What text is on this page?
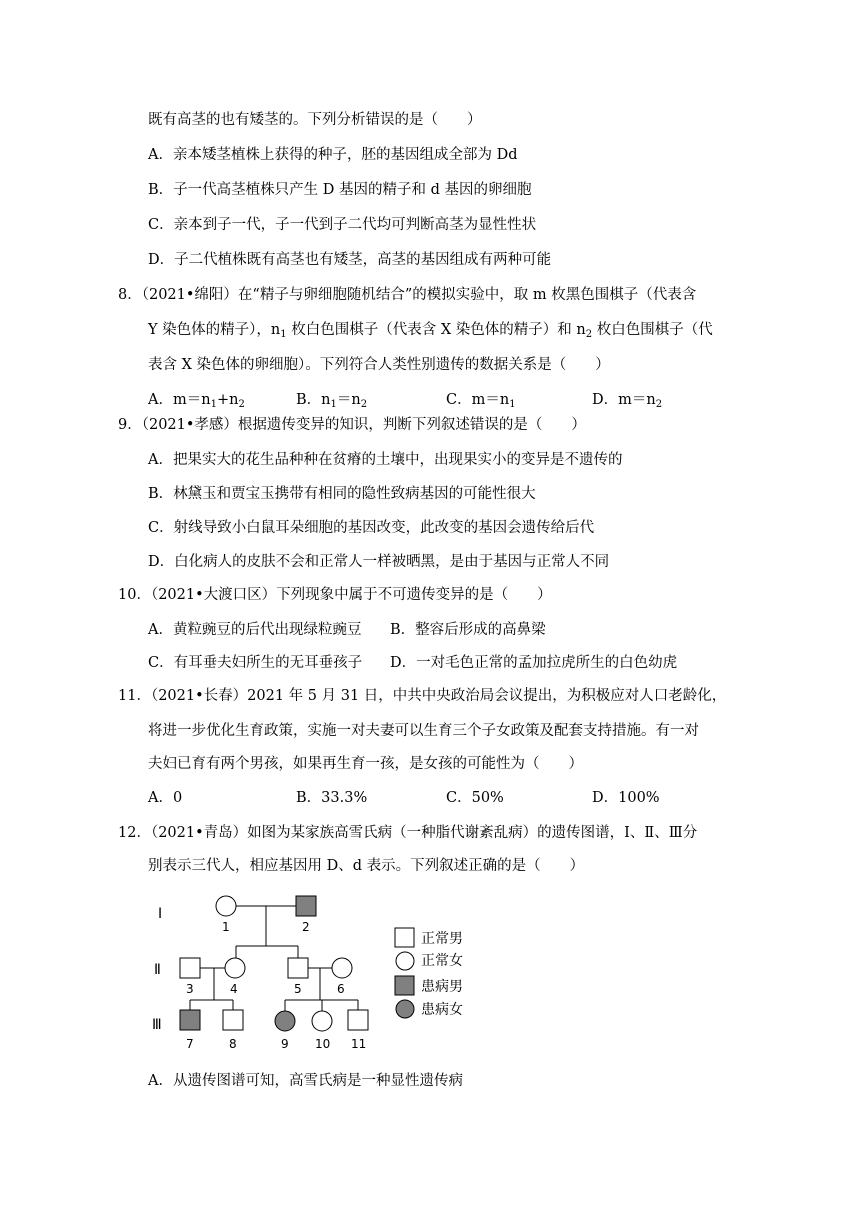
既有高茎的也有矮茎的。下列分析错误的是（　　）
A．亲本矮茎植株上获得的种子，胚的基因组成全部为 Dd
B．子一代高茎植株只产生 D 基因的精子和 d 基因的卵细胞
C．亲本到子一代，子一代到子二代均可判断高茎为显性性状
D．子二代植株既有高茎也有矮茎，高茎的基因组成有两种可能
8．（2021•绵阳）在“精子与卵细胞随机结合”的模拟实验中，取 m 枚黑色围棋子（代表含
Y 染色体的精子），$n_1$ 枚白色围棋子（代表含 X 染色体的精子）和 $n_2$ 枚白色围棋子（代
表含 X 染色体的卵细胞）。下列符合人类性别遗传的数据关系是（　　）
A．$m=n_1+n_2$	B．$n_1=n_2$	C．$m=n_1$	D．$m=n_2$
9．（2021•孝感）根据遗传变异的知识，判断下列叙述错误的是（　　）
A．把果实大的花生品种种在贫瘠的土壤中，出现果实小的变异是不遗传的
B．林黛玉和贾宝玉携带有相同的隐性致病基因的可能性很大
C．射线导致小白鼠耳朵细胞的基因改变，此改变的基因会遗传给后代
D．白化病人的皮肤不会和正常人一样被晒黑，是由于基因与正常人不同
10．（2021•大渡口区）下列现象中属于不可遗传变异的是（　　）
A．黄粒豌豆的后代出现绿粒豌豆 B．整容后形成的高鼻梁
C．有耳垂夫妇所生的无耳垂孩子 D．一对毛色正常的孟加拉虎所生的白色幼虎
11．（2021•长春）2021 年 5 月 31 日，中共中央政治局会议提出，为积极应对人口老龄化，
将进一步优化生育政策，实施一对夫妻可以生育三个子女政策及配套支持措施。有一对
夫妇已育有两个男孩，如果再生育一孩，是女孩的可能性为（　　）
A．0	B．33.3%	C．50%	D．100%
12．（2021•青岛）如图为某家族高雪氏病（一种脂代谢紊乱病）的遗传图谱，Ⅰ、Ⅱ、Ⅲ分
别表示三代人，相应基因用 D、d 表示。下列叙述正确的是（　　）
Ⅰ
Ⅱ
Ⅲ
1	2
3	4	5	6
7	8	9 10 11
正常男
正常女
患病男
患病女
A．从遗传图谱可知，高雪氏病是一种显性遗传病
